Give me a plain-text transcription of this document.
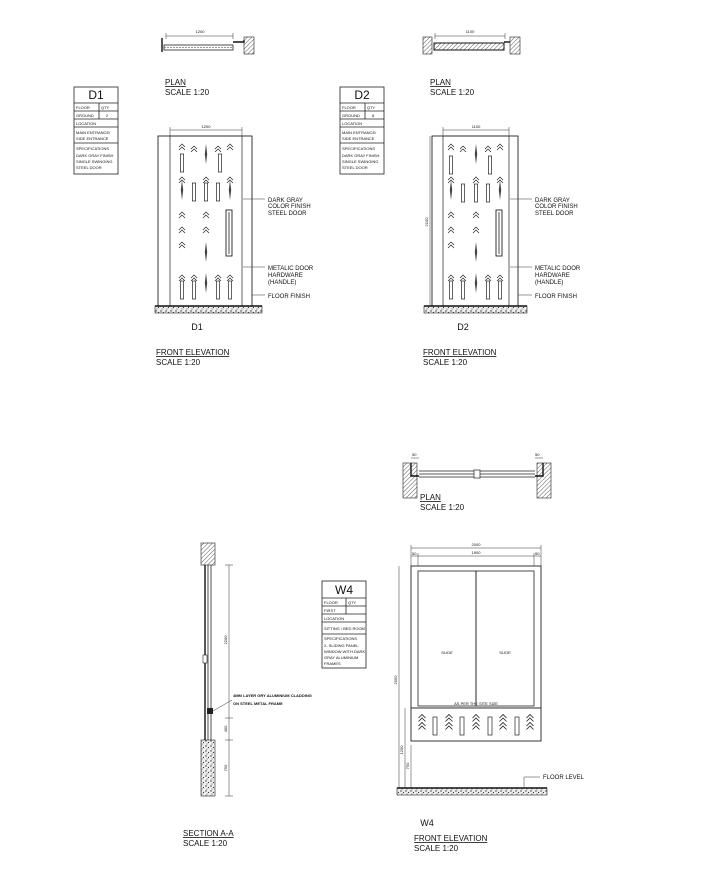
1200
PLAN
SCALE 1:20
1100
PLAN
SCALE 1:20
D1
FLOOR	QTY
GROUND	2
LOCATION
MAIN ENTRANCE/
SIDE ENTRANCE
SPECIFICATIONS
DARK GRAY FINISH
SINGLE SWINGING
STEEL DOOR
D2
FLOOR	QTY
GROUND	8
LOCATION
MAIN ENTRANCE/
SIDE ENTRANCE
SPECIFICATIONS
DARK GRAY FINISH
SINGLE SWINGING
STEEL DOOR
1200
DARK GRAY
COLOR FINISH
STEEL DOOR
METALIC DOOR
HARDWARE
(HANDLE)
FLOOR FINISH
D1
FRONT ELEVATION
SCALE 1:20
1100
2100
DARK GRAY
COLOR FINISH
STEEL DOOR
METALIC DOOR
HARDWARE
(HANDLE)
FLOOR FINISH
D2
FRONT ELEVATION
SCALE 1:20
50	50
PLAN
SCALE 1:20
2200
400
750
4MM LAYER GRY ALUMINIUM CLADDING
ON STEEL METAL FRAME
SECTION A-A
SCALE 1:20
W4
FLOOR	QTY
FIRST
LOCATION
SITTING / BED ROOM
SPECIFICATIONS
2- SLIDING PANEL
WINDOW WITH DARK
GRAY ALUMINIUM
FRAMES
2000
1900
50	50
2550
1200
750
SLIDE	SLIDE
AS PER THE SITE SIZE
FLOOR LEVEL
W4
FRONT ELEVATION
SCALE 1:20
